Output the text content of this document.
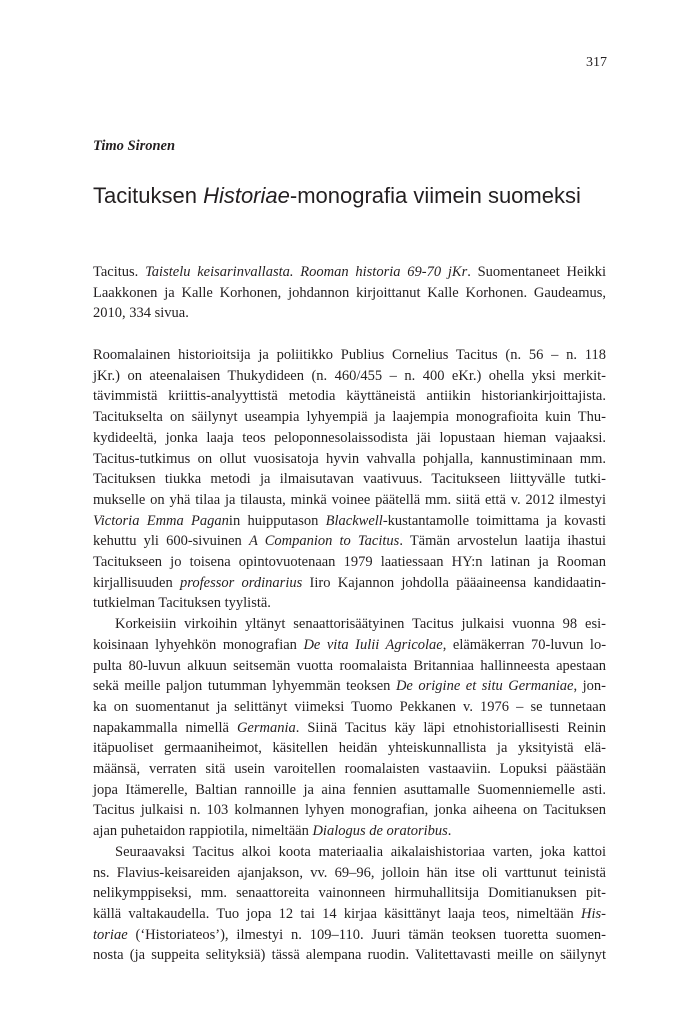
317
Timo Sironen
Tacituksen Historiae-monografia viimein suomeksi
Tacitus. Taistelu keisarinvallasta. Rooman historia 69-70 jKr. Suomentaneet Heikki
Laakkonen ja Kalle Korhonen, johdannon kirjoittanut Kalle Korhonen. Gaudeamus,
2010, 334 sivua.
Roomalainen historioitsija ja poliitikko Publius Cornelius Tacitus (n. 56 – n. 118
jKr.) on ateenalaisen Thukydideen (n. 460/455 – n. 400 eKr.) ohella yksi merkit-
tävimmistä kriittis-analyyttistä metodia käyttäneistä antiikin historiankirjoittajista.
Tacitukselta on säilynyt useampia lyhyempiä ja laajempia monografioita kuin Thu-
kydideeltä, jonka laaja teos peloponnesolaissodista jäi lopustaan hieman vajaaksi.
Tacitus-tutkimus on ollut vuosisatoja hyvin vahvalla pohjalla, kannustiminaan mm.
Tacituksen tiukka metodi ja ilmaisutavan vaativuus. Tacitukseen liittyvälle tutki-
mukselle on yhä tilaa ja tilausta, minkä voinee päätellä mm. siitä että v. 2012 ilmestyi
Victoria Emma Paganin huipputason Blackwell-kustantamolle toimittama ja kovasti
kehuttu yli 600-sivuinen A Companion to Tacitus. Tämän arvostelun laatija ihastui
Tacitukseen jo toisena opintovuotenaan 1979 laatiessaan HY:n latinan ja Rooman
kirjallisuuden professor ordinarius Iiro Kajannon johdolla pääaineensa kandidaatin-
tutkielman Tacituksen tyylistä.
Korkeisiin virkoihin yltänyt senaattorisäätyinen Tacitus julkaisi vuonna 98 esi-
koisinaan lyhyehkön monografian De vita Iulii Agricolae, elämäkerran 70-luvun lo-
pulta 80-luvun alkuun seitsemän vuotta roomalaista Britanniaa hallinneesta apestaan
sekä meille paljon tutumman lyhyemmän teoksen De origine et situ Germaniae, jon-
ka on suomentanut ja selittänyt viimeksi Tuomo Pekkanen v. 1976 – se tunnetaan
napakammalla nimellä Germania. Siinä Tacitus käy läpi etnohistoriallisesti Reinin
itäpuoliset germaaniheimot, käsitellen heidän yhteiskunnallista ja yksityistä elä-
määnsä, verraten sitä usein varoitellen roomalaisten vastaaviin. Lopuksi päästään
jopa Itämerelle, Baltian rannoille ja aina fennien asuttamalle Suomenniemelle asti.
Tacitus julkaisi n. 103 kolmannen lyhyen monografian, jonka aiheena on Tacituksen
ajan puhetaidon rappiotila, nimeltään Dialogus de oratoribus.
Seuraavaksi Tacitus alkoi koota materiaalia aikalaishistoriaa varten, joka kattoi
ns. Flavius-keisareiden ajanjakson, vv. 69–96, jolloin hän itse oli varttunut teinistä
nelikymppiseksi, mm. senaattoreita vainonneen hirmuhallitsija Domitianuksen pit-
källä valtakaudella. Tuo jopa 12 tai 14 kirjaa käsittänyt laaja teos, nimeltään His-
toriae (‘Historiateos’), ilmestyi n. 109–110. Juuri tämän teoksen tuoretta suomen-
nosta (ja suppeita selityksiä) tässä alempana ruodin. Valitettavasti meille on säilynyt
